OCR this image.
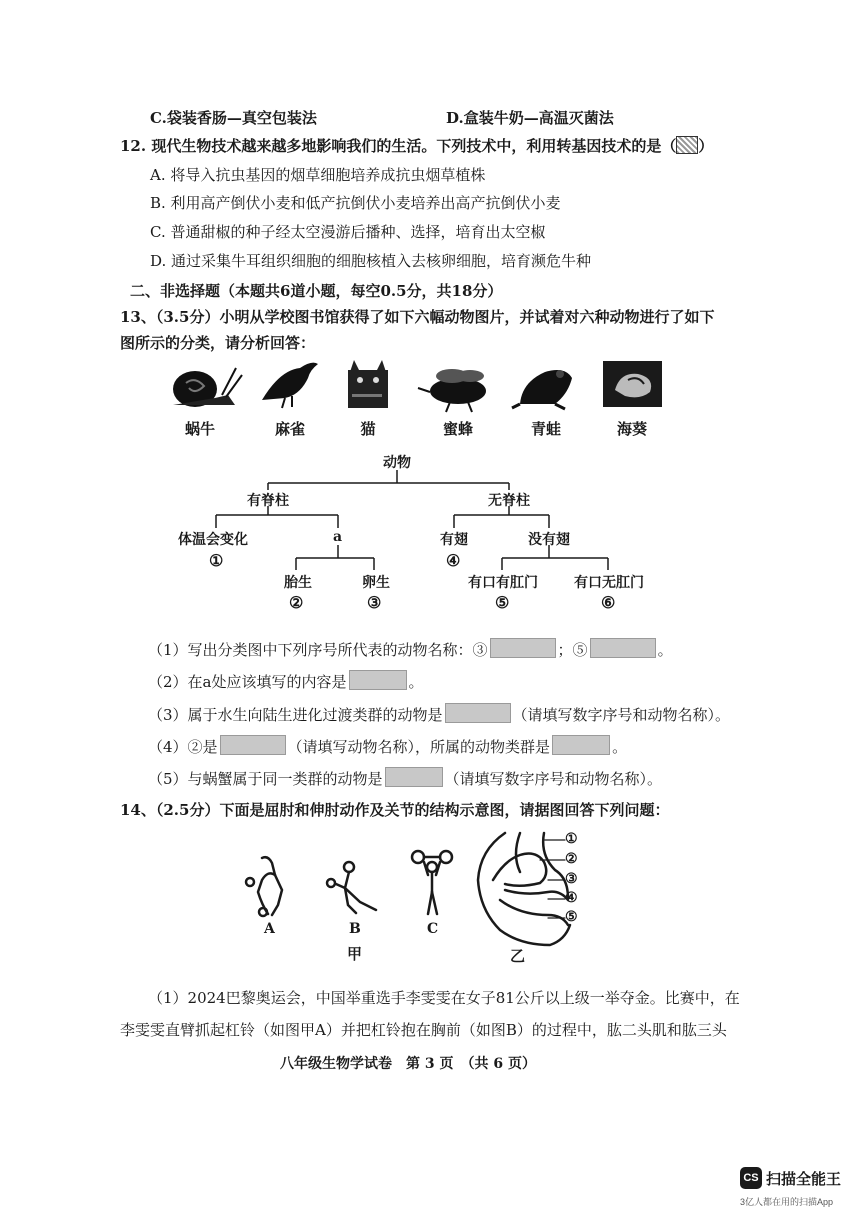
C.袋装香肠—真空包装法	D.盒装牛奶—高温灭菌法
12. 现代生物技术越来越多地影响我们的生活。下列技术中，利用转基因技术的是（ ）
A. 将导入抗虫基因的烟草细胞培养成抗虫烟草植株
B. 利用高产倒伏小麦和低产抗倒伏小麦培养出高产抗倒伏小麦
C. 普通甜椒的种子经太空漫游后播种、选择，培育出太空椒
D. 通过采集牛耳组织细胞的细胞核植入去核卵细胞，培育濒危牛种
二、非选择题（本题共6道小题，每空0.5分，共18分）
13、（3.5分）小明从学校图书馆获得了如下六幅动物图片，并试着对六种动物进行了如下
图所示的分类，请分析回答：
蜗牛	麻雀	猫	蜜蜂	青蛙	海葵
动物
有脊柱	无脊柱
体温会变化	a	有翅	没有翅
①	④
胎生	卵生	有口有肛门	有口无肛门
②	③	⑤	⑥
（1）写出分类图中下列序号所代表的动物名称：③	；⑤	。
（2）在a处应该填写的内容是	。
（3）属于水生向陆生进化过渡类群的动物是	（请填写数字序号和动物名称）。
（4）②是	（请填写动物名称），所属的动物类群是	。
（5）与蜗蟹属于同一类群的动物是	（请填写数字序号和动物名称）。
14、（2.5分）下面是屈肘和伸肘动作及关节的结构示意图，请据图回答下列问题：
①
②
③
④
⑤
A	B	C
甲	乙
（1）2024巴黎奥运会，中国举重选手李雯雯在女子81公斤以上级一举夺金。比赛中，在
李雯雯直臂抓起杠铃（如图甲A）并把杠铃抱在胸前（如图B）的过程中，肱二头肌和肱三头
八年级生物学试卷　第 3 页　（共 6 页）
CS 扫描全能王
3亿人都在用的扫描App
